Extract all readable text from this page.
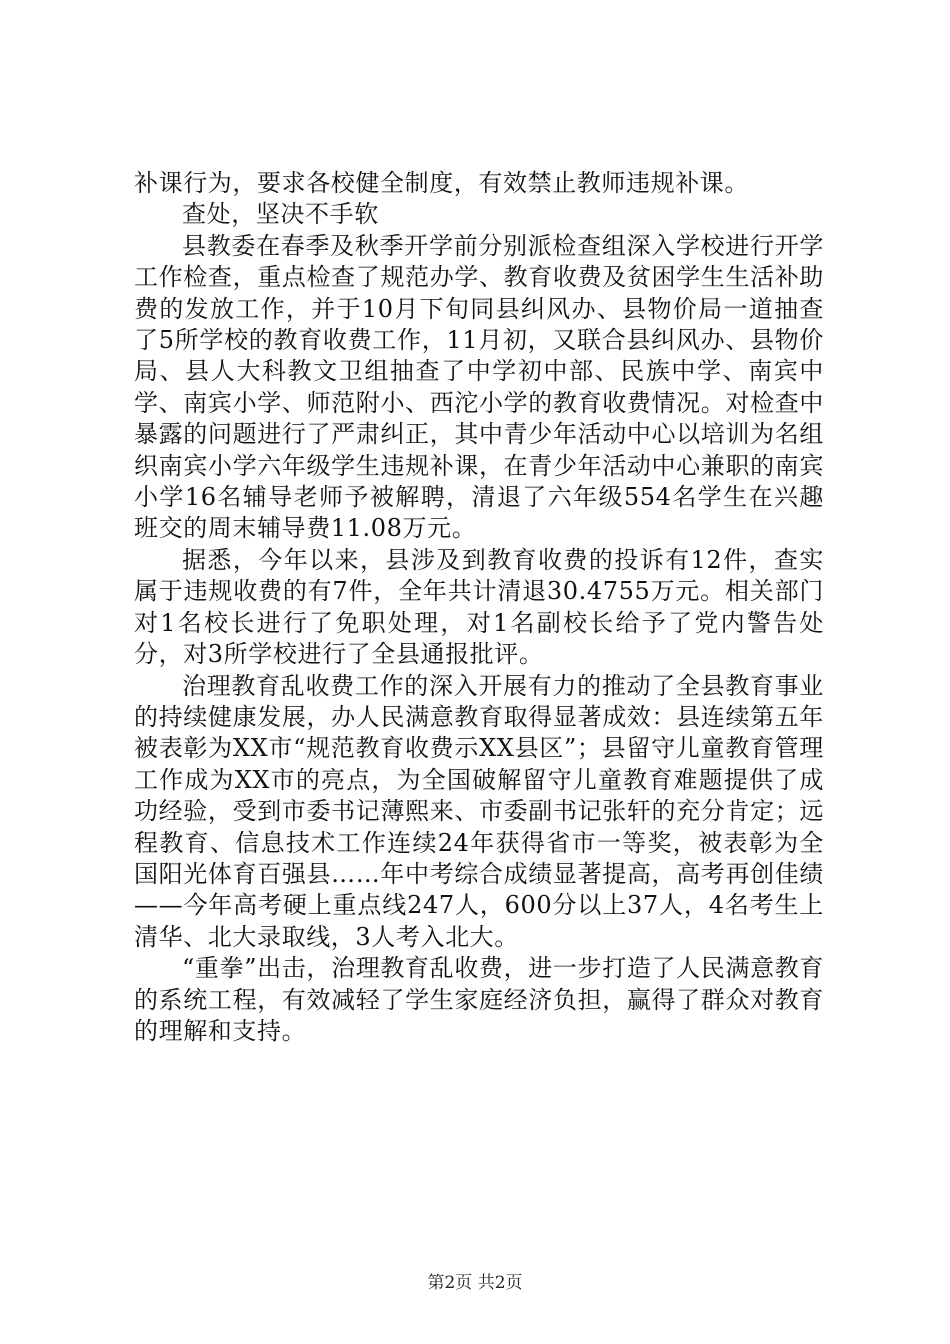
补课行为，要求各校健全制度，有效禁止教师违规补课。

查处，坚决不手软

县教委在春季及秋季开学前分别派检查组深入学校进行开学工作检查，重点检查了规范办学、教育收费及贫困学生生活补助费的发放工作，并于10月下旬同县纠风办、县物价局一道抽查了5所学校的教育收费工作，11月初，又联合县纠风办、县物价局、县人大科教文卫组抽查了中学初中部、民族中学、南宾中学、南宾小学、师范附小、西沱小学的教育收费情况。对检查中暴露的问题进行了严肃纠正，其中青少年活动中心以培训为名组织南宾小学六年级学生违规补课，在青少年活动中心兼职的南宾小学16名辅导老师予被解聘，清退了六年级554名学生在兴趣班交的周末辅导费11.08万元。

据悉，今年以来，县涉及到教育收费的投诉有12件，查实属于违规收费的有7件，全年共计清退30.4755万元。相关部门对1名校长进行了免职处理，对1名副校长给予了党内警告处分，对3所学校进行了全县通报批评。

治理教育乱收费工作的深入开展有力的推动了全县教育事业的持续健康发展，办人民满意教育取得显著成效：县连续第五年被表彰为XX市“规范教育收费示XX县区”；县留守儿童教育管理工作成为XX市的亮点，为全国破解留守儿童教育难题提供了成功经验，受到市委书记薄熙来、市委副书记张轩的充分肯定；远程教育、信息技术工作连续24年获得省市一等奖，被表彰为全国阳光体育百强县……年中考综合成绩显著提高，高考再创佳绩——今年高考硬上重点线247人，600分以上37人，4名考生上清华、北大录取线，3人考入北大。

“重拳”出击，治理教育乱收费，进一步打造了人民满意教育的系统工程，有效减轻了学生家庭经济负担，赢得了群众对教育的理解和支持。

第2页 共2页
